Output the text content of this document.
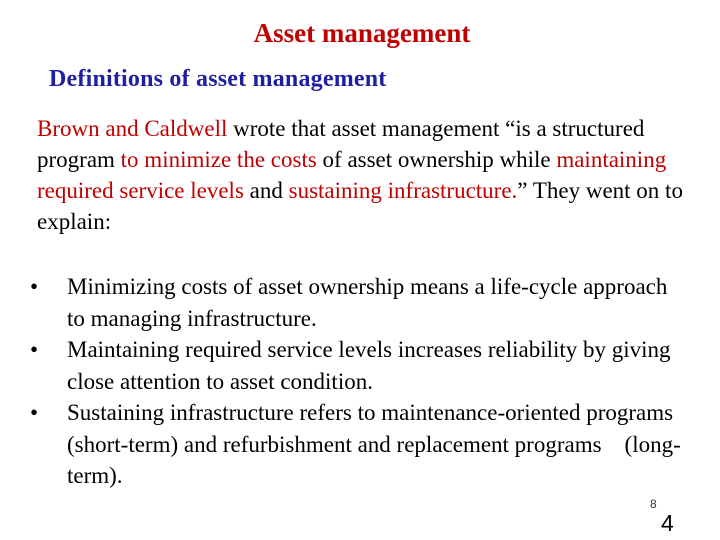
Asset management
Definitions of asset management
Brown and Caldwell wrote that asset management “is a structured program to minimize the costs of asset ownership while maintaining required service levels and sustaining infrastructure.” They went on to explain:
•	Minimizing costs of asset ownership means a life-cycle approach to managing infrastructure.
•	Maintaining required service levels increases reliability by giving close attention to asset condition.
•	Sustaining infrastructure refers to maintenance-oriented programs   (short-term) and refurbishment and replacement programs    (long-term).
8
4
